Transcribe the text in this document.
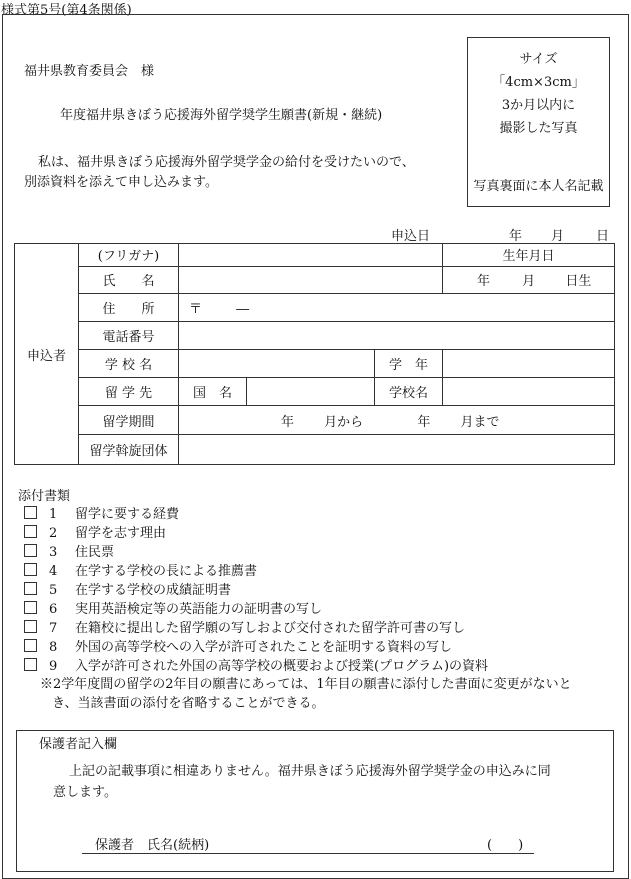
様式第5号(第4条関係)
福井県教育委員会　様
年度福井県きぼう応援海外留学奨学生願書(新規・継続)
私は、福井県きぼう応援海外留学奨学金の給付を受けたいので、
別添資料を添えて申し込みます。
サイズ
「4cm×3cm」
3か月以内に
撮影した写真
写真裏面に本人名記載
申込日	年 月 日
申込者	(フリガナ)				生年月日
	氏　　名				年 月 日生
	住　　所	〒 ―			
	電話番号				
	学 校 名			学　年	
	留 学 先	国　名		学校名	
	留学期間	年 月から 年 月まで			
	留学斡旋団体				
添付書類
1 留学に要する経費
2 留学を志す理由
3 住民票
4 在学する学校の長による推薦書
5 在学する学校の成績証明書
6 実用英語検定等の英語能力の証明書の写し
7 在籍校に提出した留学願の写しおよび交付された留学許可書の写し
8 外国の高等学校への入学が許可されたことを証明する資料の写し
9 入学が許可された外国の高等学校の概要および授業(プログラム)の資料
※2学年度間の留学の2年目の願書にあっては、1年目の願書に添付した書面に変更がないと
き、当該書面の添付を省略することができる。
保護者記入欄
上記の記載事項に相違ありません。福井県きぼう応援海外留学奨学金の申込みに同
意します。
保護者　氏名(続柄)	(　　)
